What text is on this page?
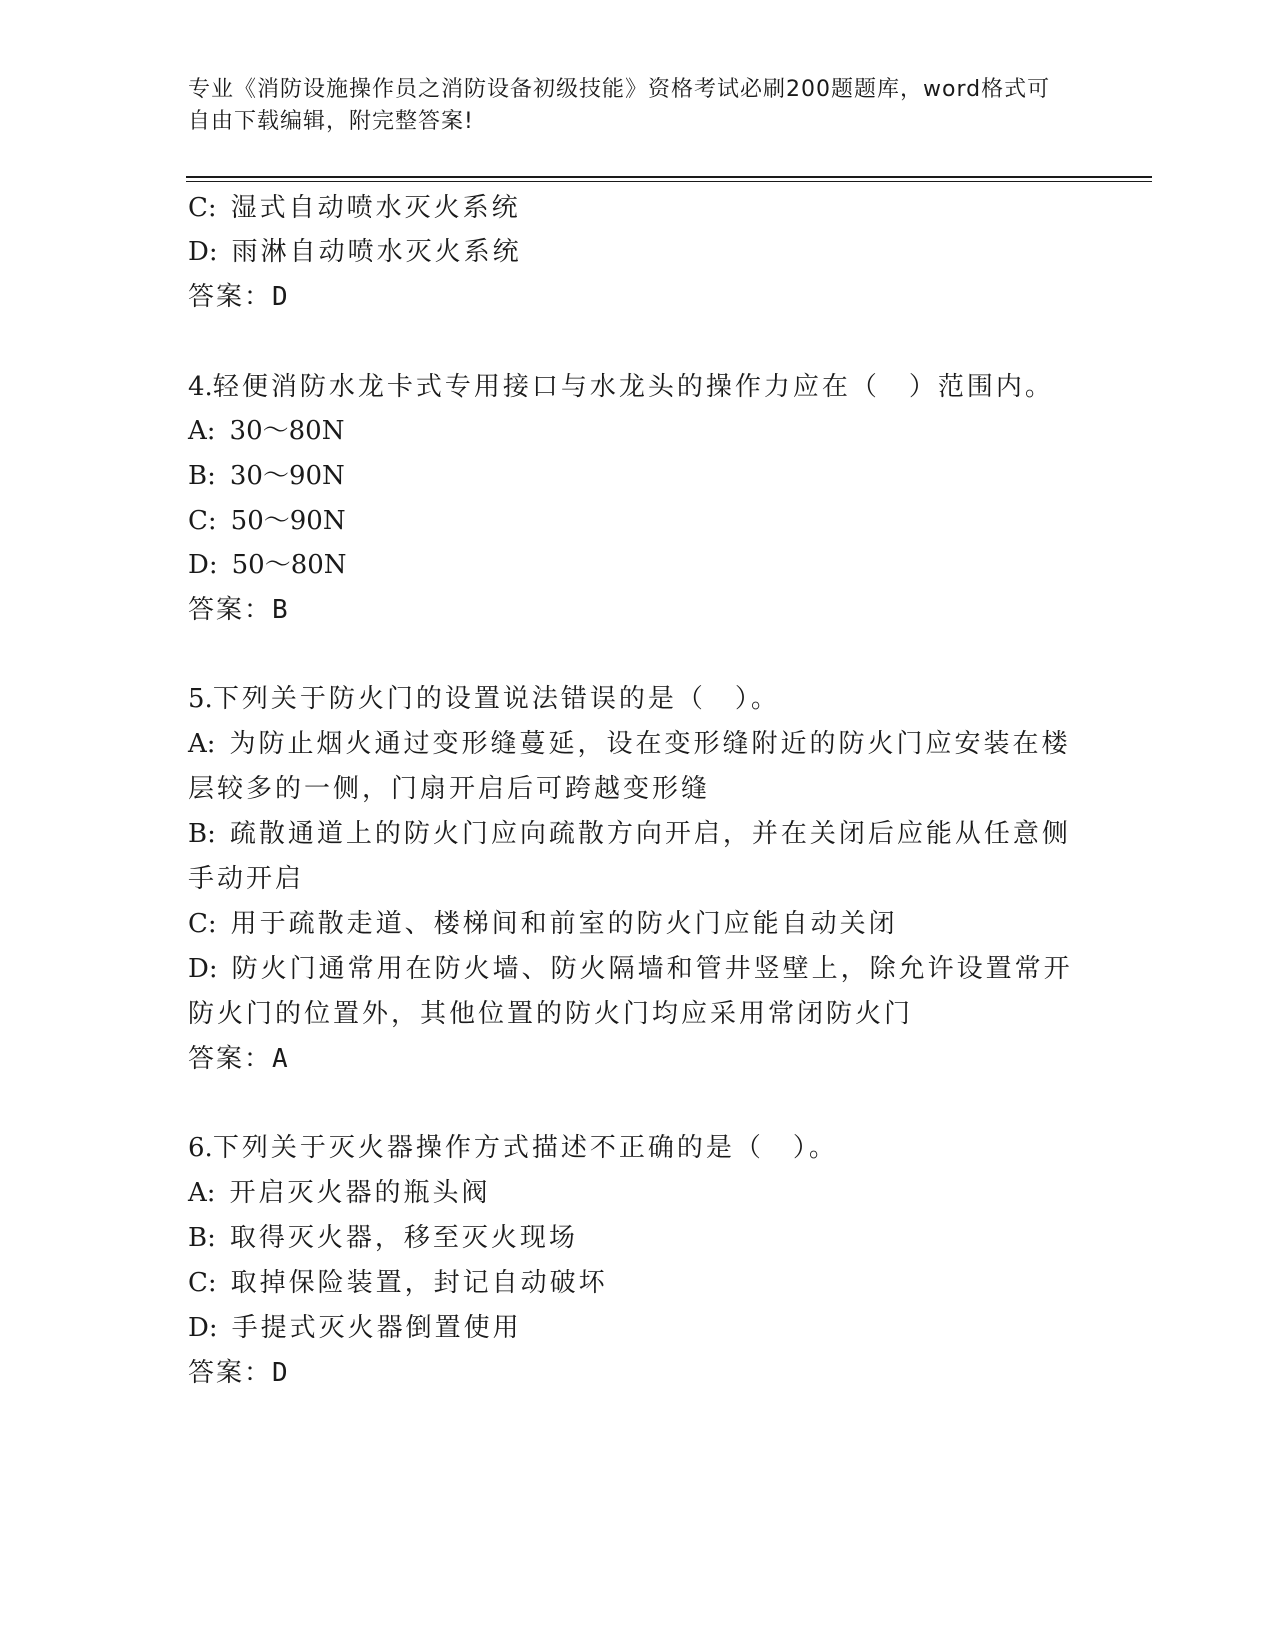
专业《消防设施操作员之消防设备初级技能》资格考试必刷200题题库，word格式可自由下载编辑，附完整答案!
C: 湿式自动喷水灭火系统
D: 雨淋自动喷水灭火系统
答案：D
4.轻便消防水龙卡式专用接口与水龙头的操作力应在（　）范围内。
A: 30～80N
B: 30～90N
C: 50～90N
D: 50～80N
答案：B
5.下列关于防火门的设置说法错误的是（　）。
A: 为防止烟火通过变形缝蔓延，设在变形缝附近的防火门应安装在楼
层较多的一侧，门扇开启后可跨越变形缝
B: 疏散通道上的防火门应向疏散方向开启，并在关闭后应能从任意侧
手动开启
C: 用于疏散走道、楼梯间和前室的防火门应能自动关闭
D: 防火门通常用在防火墙、防火隔墙和管井竖壁上，除允许设置常开
防火门的位置外，其他位置的防火门均应采用常闭防火门
答案：A
6.下列关于灭火器操作方式描述不正确的是（　）。
A: 开启灭火器的瓶头阀
B: 取得灭火器，移至灭火现场
C: 取掉保险装置，封记自动破坏
D: 手提式灭火器倒置使用
答案：D
